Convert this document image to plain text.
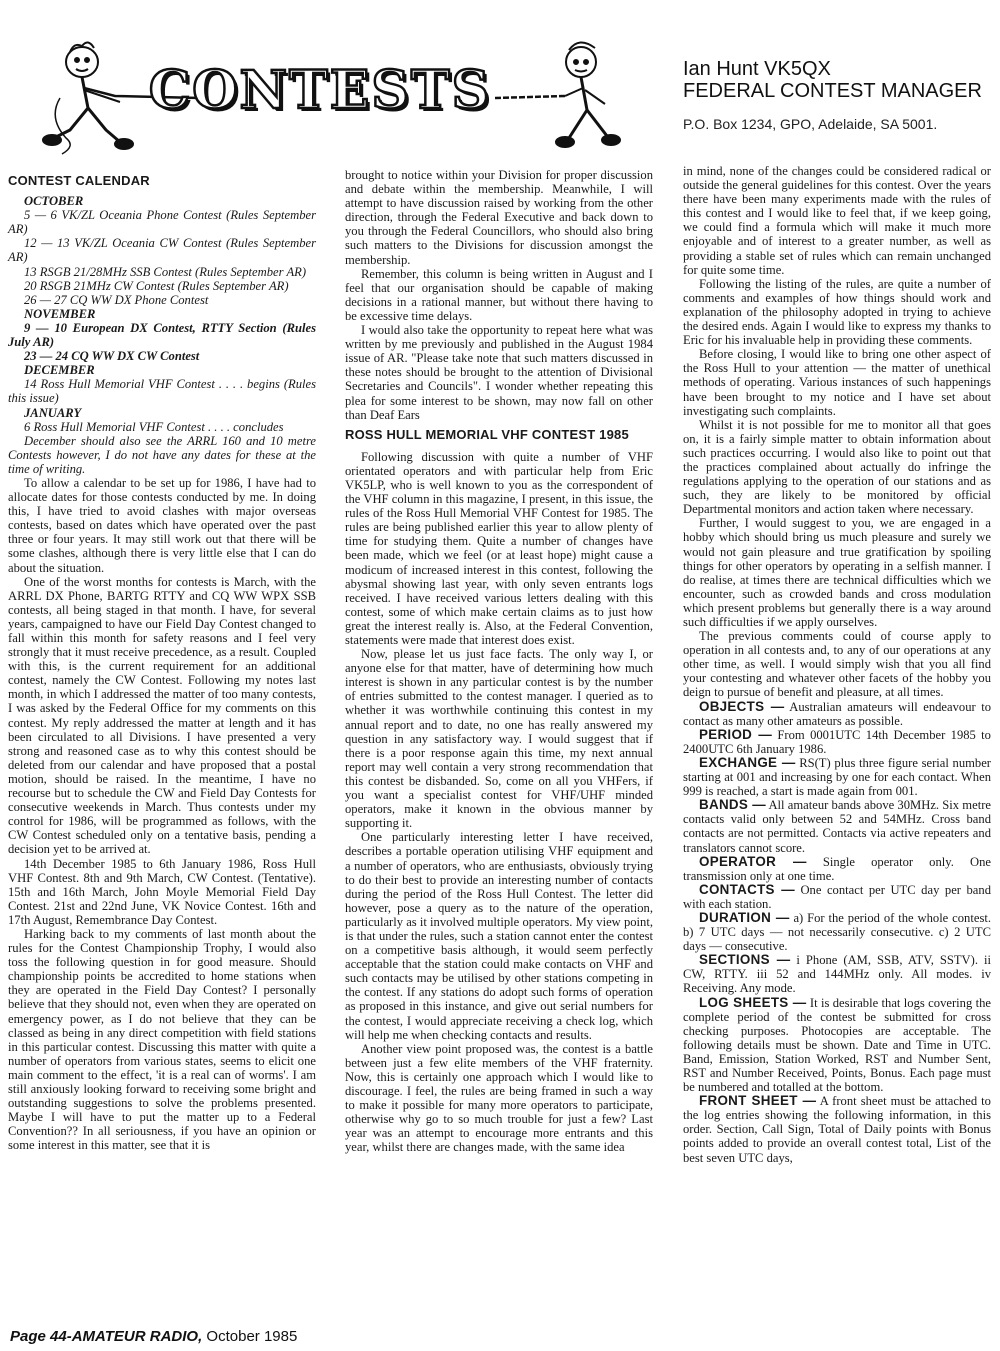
CONTESTS	Ian Hunt VK5QX
FEDERAL CONTEST MANAGER
P.O. Box 1234, GPO, Adelaide, SA 5001.
CONTEST CALENDAR

OCTOBER

5 — 6 VK/ZL Oceania Phone Contest (Rules September AR)

12 — 13 VK/ZL Oceania CW Contest (Rules September AR)

13 RSGB 21/28MHz SSB Contest (Rules September AR)

20 RSGB 21MHz CW Contest (Rules September AR)

26 — 27 CQ WW DX Phone Contest

NOVEMBER

9 — 10 European DX Contest, RTTY Section (Rules July AR)

23 — 24 CQ WW DX CW Contest

DECEMBER

14 Ross Hull Memorial VHF Contest . . . . begins (Rules this issue)

JANUARY

6 Ross Hull Memorial VHF Contest . . . . concludes

December should also see the ARRL 160 and 10 metre Contests however, I do not have any dates for these at the time of writing.

To allow a calendar to be set up for 1986, I have had to allocate dates for those contests conducted by me. In doing this, I have tried to avoid clashes with major overseas contests, based on dates which have operated over the past three or four years. It may still work out that there will be some clashes, although there is very little else that I can do about the situation.

One of the worst months for contests is March, with the ARRL DX Phone, BARTG RTTY and CQ WW WPX SSB contests, all being staged in that month. I have, for several years, campaigned to have our Field Day Contest changed to fall within this month for safety reasons and I feel very strongly that it must receive precedence, as a result. Coupled with this, is the current requirement for an additional contest, namely the CW Contest. Following my notes last month, in which I addressed the matter of too many contests, I was asked by the Federal Office for my comments on this contest. My reply addressed the matter at length and it has been circulated to all Divisions. I have presented a very strong and reasoned case as to why this contest should be deleted from our calendar and have proposed that a postal motion, should be raised. In the meantime, I have no recourse but to schedule the CW and Field Day Contests for consecutive weekends in March. Thus contests under my control for 1986, will be programmed as follows, with the CW Contest scheduled only on a tentative basis, pending a decision yet to be arrived at.

14th December 1985 to 6th January 1986, Ross Hull VHF Contest. 8th and 9th March, CW Contest. (Tentative). 15th and 16th March, John Moyle Memorial Field Day Contest. 21st and 22nd June, VK Novice Contest. 16th and 17th August, Remembrance Day Contest.

Harking back to my comments of last month about the rules for the Contest Championship Trophy, I would also toss the following question in for good measure. Should championship points be accredited to home stations when they are operated in the Field Day Contest? I personally believe that they should not, even when they are operated on emergency power, as I do not believe that they can be classed as being in any direct competition with field stations in this particular contest. Discussing this matter with quite a number of operators from various states, seems to elicit one main comment to the effect, 'it is a real can of worms'. I am still anxiously looking forward to receiving some bright and outstanding suggestions to solve the problems presented. Maybe I will have to put the matter up to a Federal Convention?? In all seriousness, if you have an opinion or some interest in this matter, see that it is

brought to notice within your Division for proper discussion and debate within the membership. Meanwhile, I will attempt to have discussion raised by working from the other direction, through the Federal Executive and back down to you through the Federal Councillors, who should also bring such matters to the Divisions for discussion amongst the membership.

Remember, this column is being written in August and I feel that our organisation should be capable of making decisions in a rational manner, but without there having to be excessive time delays.

I would also take the opportunity to repeat here what was written by me previously and published in the August 1984 issue of AR. "Please take note that such matters discussed in these notes should be brought to the attention of Divisional Secretaries and Councils". I wonder whether repeating this plea for some interest to be shown, may now fall on other than Deaf Ears

ROSS HULL MEMORIAL VHF CONTEST 1985

Following discussion with quite a number of VHF orientated operators and with particular help from Eric VK5LP, who is well known to you as the correspondent of the VHF column in this magazine, I present, in this issue, the rules of the Ross Hull Memorial VHF Contest for 1985. The rules are being published earlier this year to allow plenty of time for studying them. Quite a number of changes have been made, which we feel (or at least hope) might cause a modicum of increased interest in this contest, following the abysmal showing last year, with only seven entrants logs received. I have received various letters dealing with this contest, some of which make certain claims as to just how great the interest really is. Also, at the Federal Convention, statements were made that interest does exist.

Now, please let us just face facts. The only way I, or anyone else for that matter, have of determining how much interest is shown in any particular contest is by the number of entries submitted to the contest manager. I queried as to whether it was worthwhile continuing this contest in my annual report and to date, no one has really answered my question in any satisfactory way. I would suggest that if there is a poor response again this time, my next annual report may well contain a very strong recommendation that this contest be disbanded. So, come on all you VHFers, if you want a specialist contest for VHF/UHF minded operators, make it known in the obvious manner by supporting it.

One particularly interesting letter I have received, describes a portable operation utilising VHF equipment and a number of operators, who are enthusiasts, obviously trying to do their best to provide an interesting number of contacts during the period of the Ross Hull Contest. The letter did however, pose a query as to the nature of the operation, particularly as it involved multiple operators. My view point, is that under the rules, such a station cannot enter the contest on a competitive basis although, it would seem perfectly acceptable that the station could make contacts on VHF and such contacts may be utilised by other stations competing in the contest. If any stations do adopt such forms of operation as proposed in this instance, and give out serial numbers for the contest, I would appreciate receiving a check log, which will help me when checking contacts and results.

Another view point proposed was, the contest is a battle between just a few elite members of the VHF fraternity. Now, this is certainly one approach which I would like to discourage. I feel, the rules are being framed in such a way to make it possible for many more operators to participate, otherwise why go to so much trouble for just a few? Last year was an attempt to encourage more entrants and this year, whilst there are changes made, with the same idea

in mind, none of the changes could be considered radical or outside the general guidelines for this contest. Over the years there have been many experiments made with the rules of this contest and I would like to feel that, if we keep going, we could find a formula which will make it much more enjoyable and of interest to a greater number, as well as providing a stable set of rules which can remain unchanged for quite some time.

Following the listing of the rules, are quite a number of comments and examples of how things should work and explanation of the philosophy adopted in trying to achieve the desired ends. Again I would like to express my thanks to Eric for his invaluable help in providing these comments.

Before closing, I would like to bring one other aspect of the Ross Hull to your attention — the matter of unethical methods of operating. Various instances of such happenings have been brought to my notice and I have set about investigating such complaints.

Whilst it is not possible for me to monitor all that goes on, it is a fairly simple matter to obtain information about such practices occurring. I would also like to point out that the practices complained about actually do infringe the regulations applying to the operation of our stations and as such, they are likely to be monitored by official Departmental monitors and action taken where necessary.

Further, I would suggest to you, we are engaged in a hobby which should bring us much pleasure and surely we would not gain pleasure and true gratification by spoiling things for other operators by operating in a selfish manner. I do realise, at times there are technical difficulties which we encounter, such as crowded bands and cross modulation which present problems but generally there is a way around such difficulties if we apply ourselves.

The previous comments could of course apply to operation in all contests and, to any of our operations at any other time, as well. I would simply wish that you all find your contesting and whatever other facets of the hobby you deign to pursue of benefit and pleasure, at all times.

OBJECTS — Australian amateurs will endeavour to contact as many other amateurs as possible.

PERIOD — From 0001UTC 14th December 1985 to 2400UTC 6th January 1986.

EXCHANGE — RS(T) plus three figure serial number starting at 001 and increasing by one for each contact. When 999 is reached, a start is made again from 001.

BANDS — All amateur bands above 30MHz. Six metre contacts valid only between 52 and 54MHz. Cross band contacts are not permitted. Contacts via active repeaters and translators cannot score.

OPERATOR — Single operator only. One transmission only at one time.

CONTACTS — One contact per UTC day per band with each station.

DURATION — a) For the period of the whole contest. b) 7 UTC days — not necessarily consecutive. c) 2 UTC days — consecutive.

SECTIONS — i Phone (AM, SSB, ATV, SSTV). ii CW, RTTY. iii 52 and 144MHz only. All modes. iv Receiving. Any mode.

LOG SHEETS — It is desirable that logs covering the complete period of the contest be submitted for cross checking purposes. Photocopies are acceptable. The following details must be shown. Date and Time in UTC. Band, Emission, Station Worked, RST and Number Sent, RST and Number Received, Points, Bonus. Each page must be numbered and totalled at the bottom.

FRONT SHEET — A front sheet must be attached to the log entries showing the following information, in this order. Section, Call Sign, Total of Daily points with Bonus points added to provide an overall contest total, List of the best seven UTC days,

Page 44-AMATEUR RADIO, October 1985
